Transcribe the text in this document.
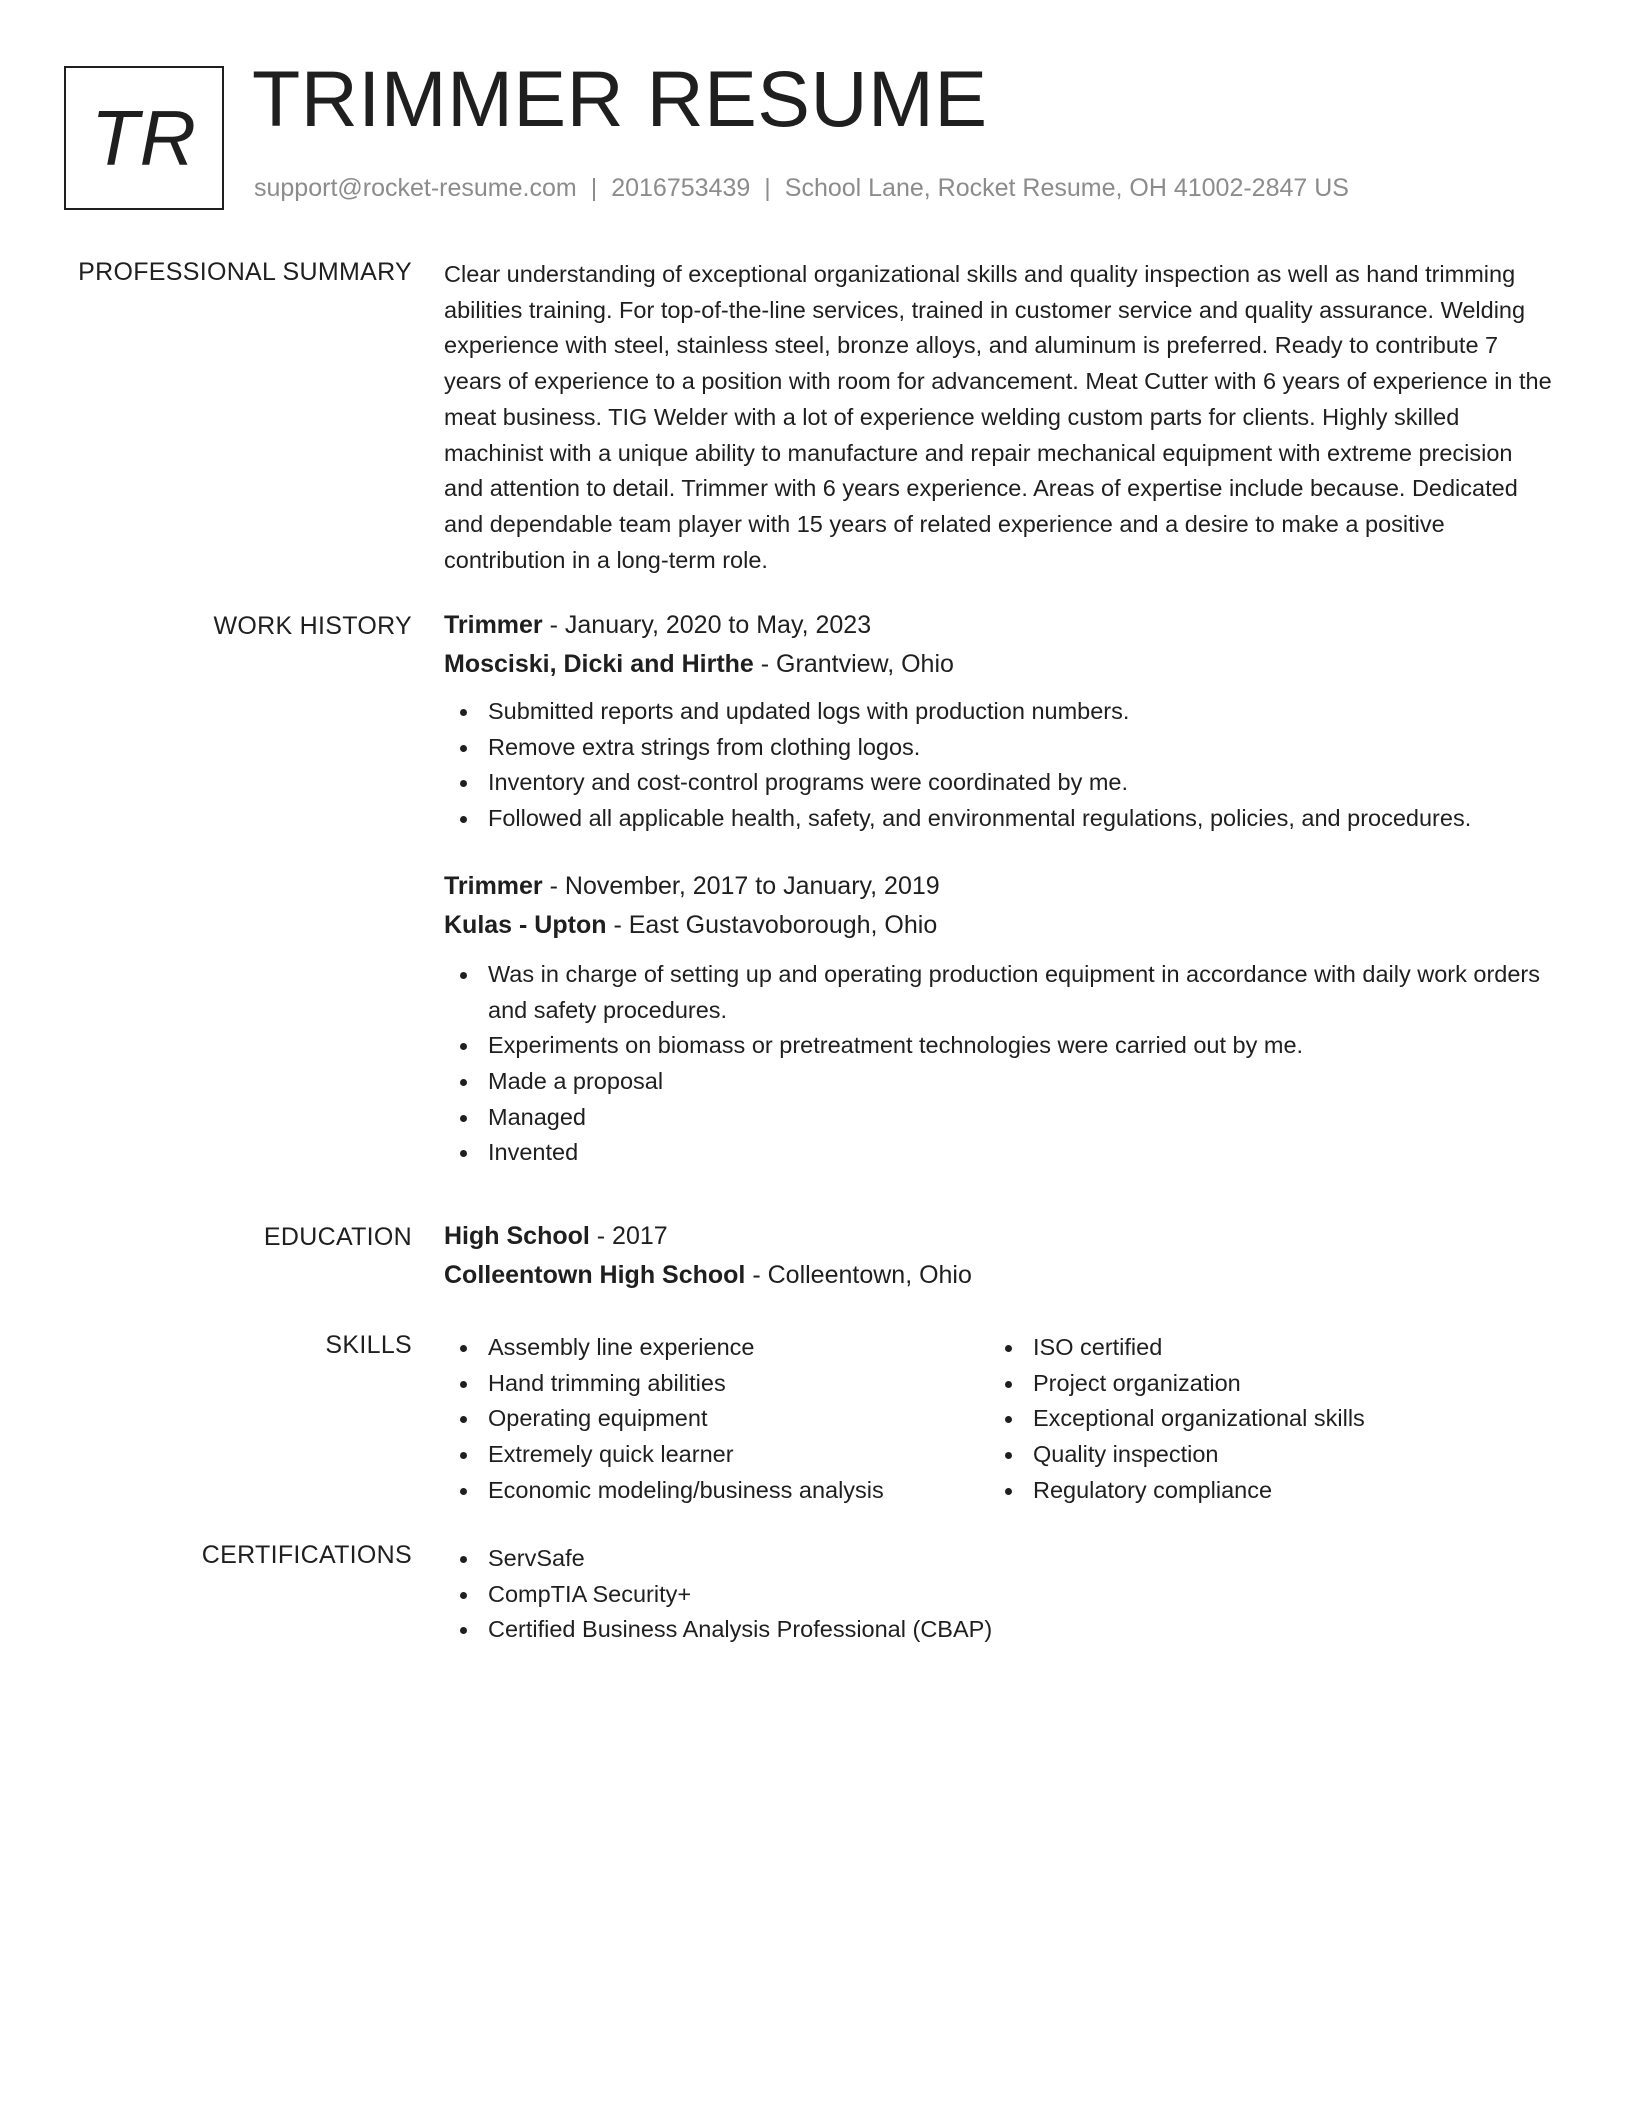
TR TRIMMER RESUME
support@rocket-resume.com | 2016753439 | School Lane, Rocket Resume, OH 41002-2847 US
PROFESSIONAL SUMMARY Clear understanding of exceptional organizational skills and quality inspection as well as hand trimming abilities training. For top-of-the-line services, trained in customer service and quality assurance. Welding experience with steel, stainless steel, bronze alloys, and aluminum is preferred. Ready to contribute 7 years of experience to a position with room for advancement. Meat Cutter with 6 years of experience in the meat business. TIG Welder with a lot of experience welding custom parts for clients. Highly skilled machinist with a unique ability to manufacture and repair mechanical equipment with extreme precision and attention to detail. Trimmer with 6 years experience. Areas of expertise include because. Dedicated and dependable team player with 15 years of related experience and a desire to make a positive contribution in a long-term role.
WORK HISTORY Trimmer - January, 2020 to May, 2023
Mosciski, Dicki and Hirthe - Grantview, Ohio
Submitted reports and updated logs with production numbers.
Remove extra strings from clothing logos.
Inventory and cost-control programs were coordinated by me.
Followed all applicable health, safety, and environmental regulations, policies, and procedures.
Trimmer - November, 2017 to January, 2019
Kulas - Upton - East Gustavoborough, Ohio
Was in charge of setting up and operating production equipment in accordance with daily work orders and safety procedures.
Experiments on biomass or pretreatment technologies were carried out by me.
Made a proposal
Managed
Invented
EDUCATION High School - 2017
Colleentown High School - Colleentown, Ohio
SKILLS	Assembly line experience
Hand trimming abilities
Operating equipment
Extremely quick learner
Economic modeling/business analysis
ISO certified
Project organization
Exceptional organizational skills
Quality inspection
Regulatory compliance
CERTIFICATIONS	ServSafe
CompTIA Security+
Certified Business Analysis Professional (CBAP)
